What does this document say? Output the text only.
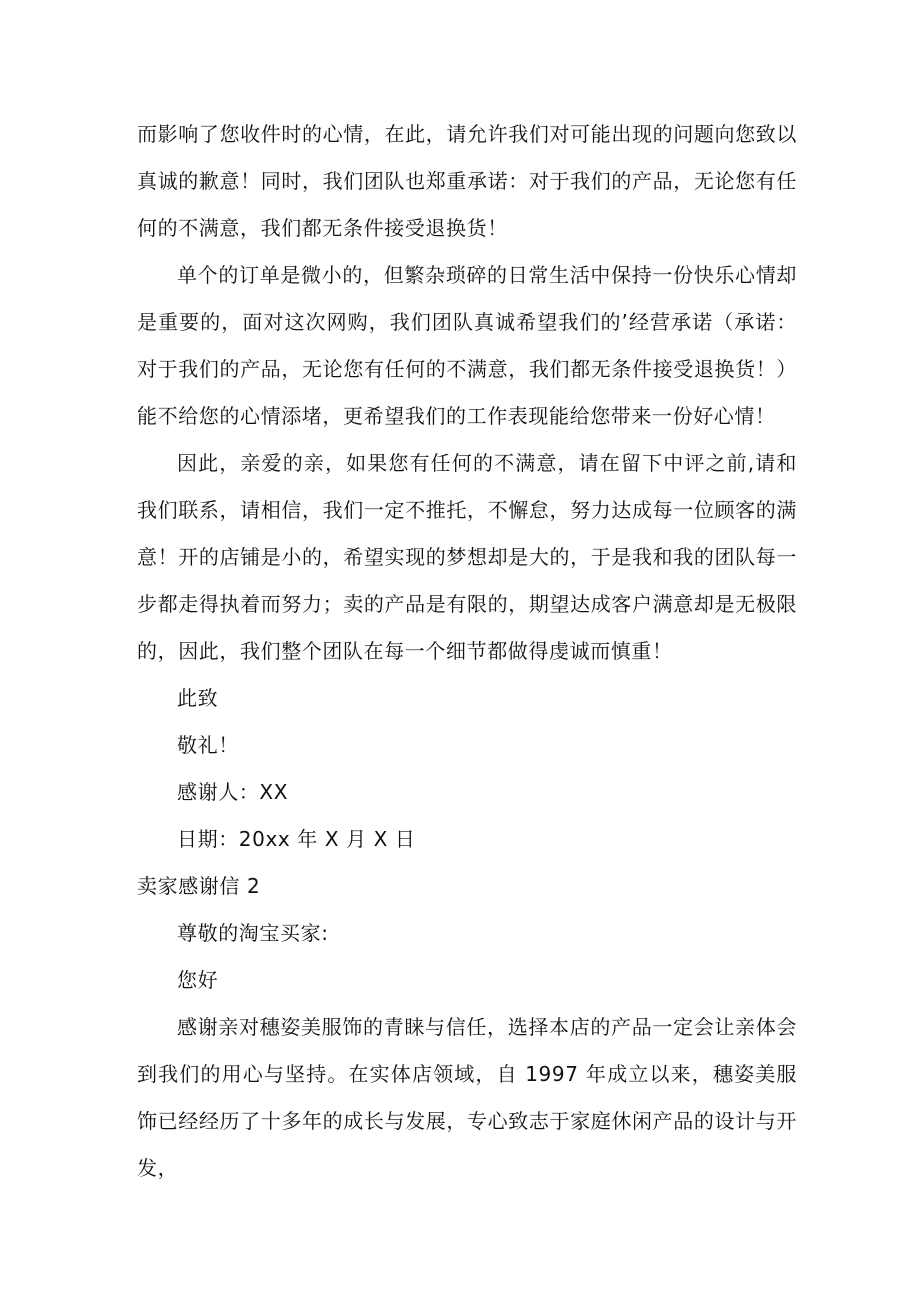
而影响了您收件时的心情，在此，请允许我们对可能出现的问题向您致以真诚的歉意！同时，我们团队也郑重承诺：对于我们的产品，无论您有任何的不满意，我们都无条件接受退换货！

单个的订单是微小的，但繁杂琐碎的日常生活中保持一份快乐心情却是重要的，面对这次网购，我们团队真诚希望我们的’经营承诺（承诺：对于我们的产品，无论您有任何的不满意，我们都无条件接受退换货！）能不给您的心情添堵，更希望我们的工作表现能给您带来一份好心情！

因此，亲爱的亲，如果您有任何的不满意，请在留下中评之前,请和我们联系，请相信，我们一定不推托，不懈怠，努力达成每一位顾客的满意！开的店铺是小的，希望实现的梦想却是大的，于是我和我的团队每一步都走得执着而努力；卖的产品是有限的，期望达成客户满意却是无极限的，因此，我们整个团队在每一个细节都做得虔诚而慎重！

此致

敬礼！

感谢人：XX

日期：20xx 年 X 月 X 日

卖家感谢信 2

尊敬的淘宝买家:

您好

感谢亲对穗姿美服饰的青睐与信任，选择本店的产品一定会让亲体会到我们的用心与坚持。在实体店领域，自 1997 年成立以来，穗姿美服饰已经经历了十多年的成长与发展，专心致志于家庭休闲产品的设计与开发，
